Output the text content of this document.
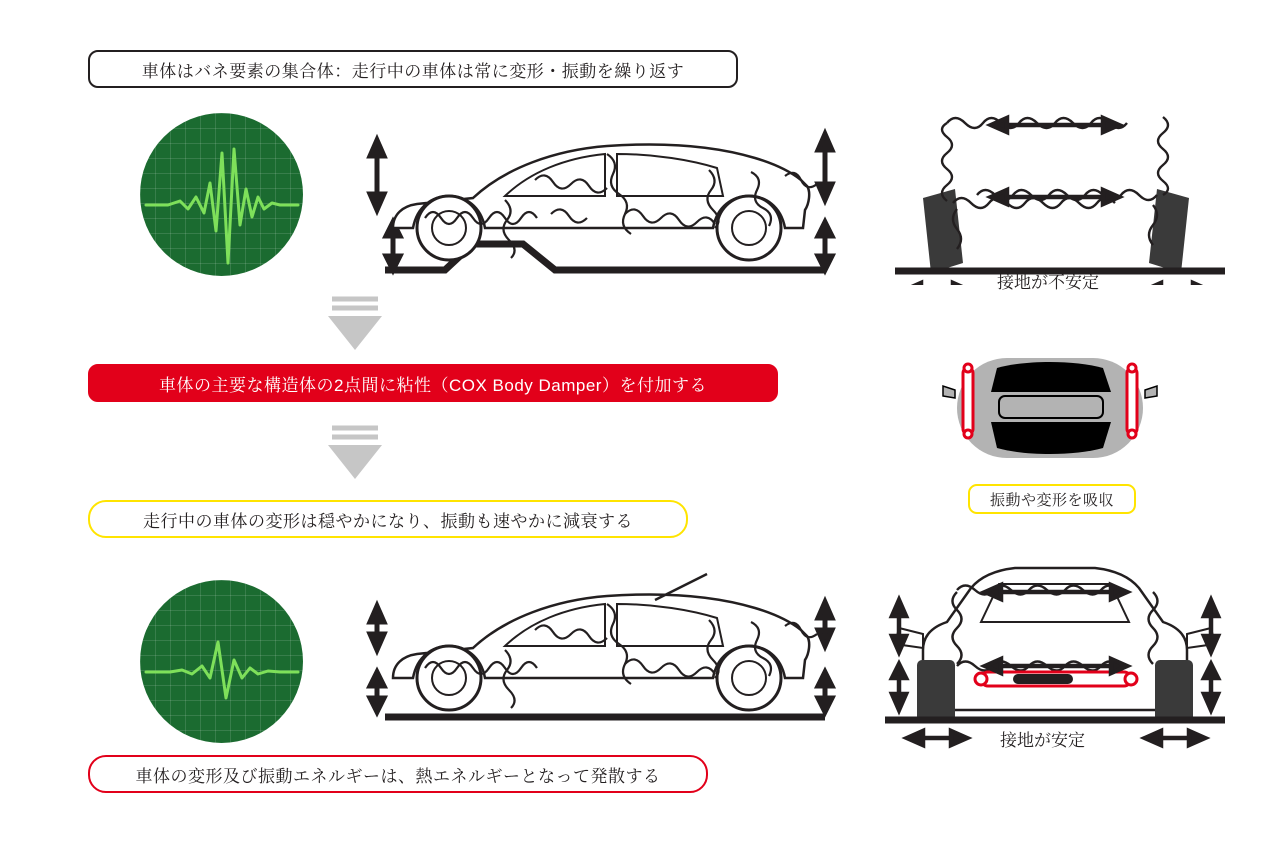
車体はバネ要素の集合体：走行中の車体は常に変形・振動を繰り返す
接地が不安定
車体の主要な構造体の2点間に粘性（COX Body Damper）を付加する
走行中の車体の変形は穏やかになり、振動も速やかに減衰する
振動や変形を吸収
接地が安定
車体の変形及び振動エネルギーは、熱エネルギーとなって発散する
